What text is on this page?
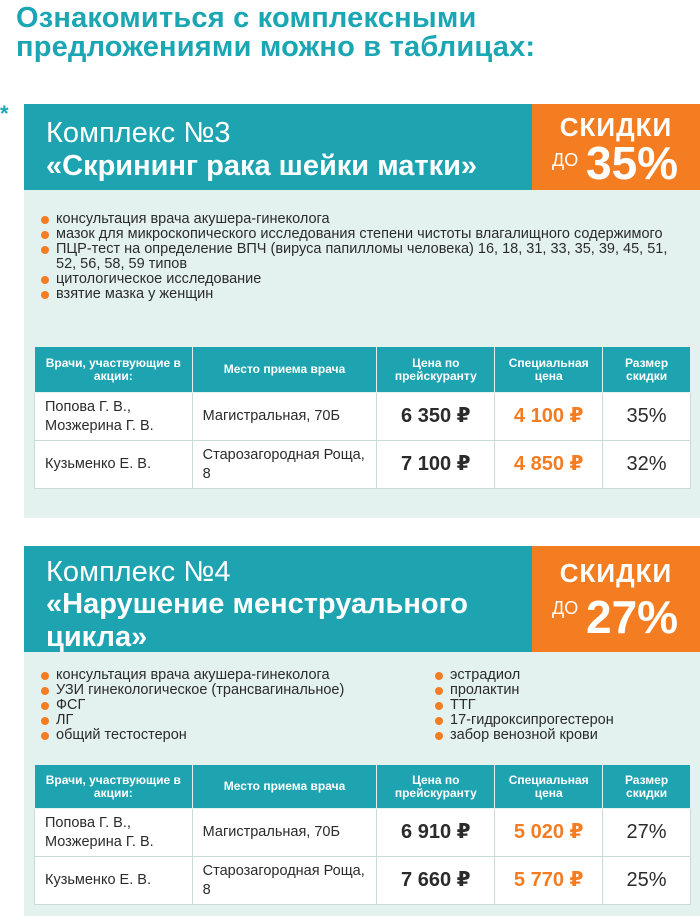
Ознакомиться с комплексными предложениями можно в таблицах:
*
Комплекс №3
«Скрининг рака шейки матки»
СКИДКИ
ДО 35%
консультация врача акушера-гинеколога
мазок для микроскопического исследования степени чистоты влагалищного содержимого
ПЦР-тест на определение ВПЧ (вируса папилломы человека) 16, 18, 31, 33, 35, 39, 45, 51, 52, 56, 58, 59 типов
цитологическое исследование
взятие мазка у женщин
Врачи, участвующие в акции:	Место приема врача	Цена по прейскуранту	Специальная цена	Размер скидки
Попова Г. В., Мозжерина Г. В.	Магистральная, 70Б	6 350 ₽	4 100 ₽	35%
Кузьменко Е. В.	Старозагородная Роща, 8	7 100 ₽	4 850 ₽	32%
Комплекс №4
«Нарушение менструального цикла»
СКИДКИ
ДО 27%
консультация врача акушера-гинеколога
УЗИ гинекологическое (трансвагинальное)
ФСГ
ЛГ
общий тестостерон
эстрадиол
пролактин
ТТГ
17-гидроксипрогестерон
забор венозной крови
Врачи, участвующие в акции:	Место приема врача	Цена по прейскуранту	Специальная цена	Размер скидки
Попова Г. В., Мозжерина Г. В.	Магистральная, 70Б	6 910 ₽	5 020 ₽	27%
Кузьменко Е. В.	Старозагородная Роща, 8	7 660 ₽	5 770 ₽	25%
